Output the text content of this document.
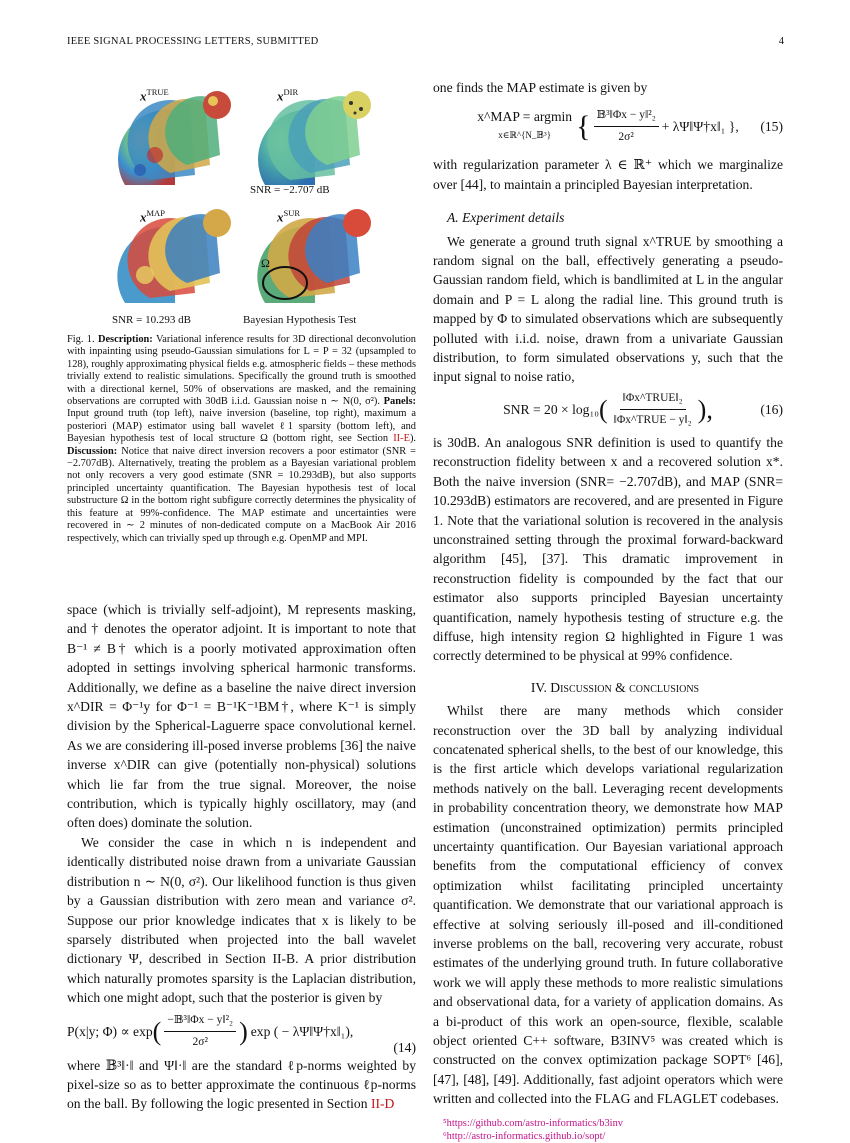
IEEE SIGNAL PROCESSING LETTERS, SUBMITTED	4
$x^{TRUE}$	$x^{DIR}$
SNR = −2.707 dB
$x^{MAP}$
SNR = 10.293 dB
Ω
$x^{SUR}$
Bayesian Hypothesis Test
Fig. 1. Description: Variational inference results for 3D directional deconvolution with inpainting using pseudo-Gaussian simulations for L = P = 32 (upsampled to 128), roughly approximating physical fields e.g. atmospheric fields – these methods trivially extend to realistic simulations. Specifically the ground truth is smoothed with a directional kernel, 50% of observations are masked, and the remaining observations are corrupted with 30dB i.i.d. Gaussian noise n ∼ N(0, σ²). Panels: Input ground truth (top left), naive inversion (baseline, top right), maximum a posteriori (MAP) estimator using ball wavelet ℓ1 sparsity (bottom left), and Bayesian hypothesis test of local structure Ω (bottom right, see Section II-E). Discussion: Notice that naive direct inversion recovers a poor estimator (SNR = −2.707dB). Alternatively, treating the problem as a Bayesian variational problem not only recovers a very good estimate (SNR = 10.293dB), but also supports principled uncertainty quantification. The Bayesian hypothesis test of local substructure Ω in the bottom right subfigure correctly determines the physicality of this feature at 99%-confidence. The MAP estimate and uncertainties were recovered in ∼ 2 minutes of non-dedicated compute on a MacBook Air 2016 respectively, which can trivially sped up through e.g. OpenMP and MPI.

space (which is trivially self-adjoint), M represents masking, and † denotes the operator adjoint. It is important to note that B⁻¹ ≠ B† which is a poorly motivated approximation often adopted in settings involving spherical harmonic transforms. Additionally, we define as a baseline the naive direct inversion x^DIR = Φ⁻¹y for Φ⁻¹ = B⁻¹K⁻¹BM†, where K⁻¹ is simply division by the Spherical-Laguerre space convolutional kernel. As we are considering ill-posed inverse problems [36] the naive inverse x^DIR can give (potentially non-physical) solutions which lie far from the true signal. Moreover, the noise contribution, which is typically highly oscillatory, may (and often does) dominate the solution.

We consider the case in which n is independent and identically distributed noise drawn from a univariate Gaussian distribution n ∼ N(0, σ²). Our likelihood function is thus given by a Gaussian distribution with zero mean and variance σ². Suppose our prior knowledge indicates that x is likely to be sparsely distributed when projected into the ball wavelet dictionary Ψ, described in Section II-B. A prior distribution which naturally promotes sparsity is the Laplacian distribution, which one might adopt, such that the posterior is given by

P(x|y; Φ) ∝ exp ( $\frac{\text{−𝔹³‖Φx − y‖²₂}}{\text{2σ²}}$ ) exp ( − λΨ‖Ψ†x‖₁),
(14)

where 𝔹³‖·‖ and Ψ‖·‖ are the standard ℓp-norms weighted by pixel-size so as to better approximate the continuous ℓp-norms on the ball. By following the logic presented in Section II-D

one finds the MAP estimate is given by

x^MAP = argmin
x∈ℝ^{N_𝔹³} { $\frac{\text{𝔹³‖Φx − y‖²₂}}{\text{2σ²}}$ + λΨ‖Ψ†x‖₁ }, (15)

with regularization parameter λ ∈ ℝ⁺ which we marginalize over [44], to maintain a principled Bayesian interpretation.

A. Experiment details

We generate a ground truth signal x^TRUE by smoothing a random signal on the ball, effectively generating a pseudo-Gaussian random field, which is bandlimited at L in the angular domain and P = L along the radial line. This ground truth is mapped by Φ to simulated observations which are subsequently polluted with i.i.d. noise, drawn from a univariate Gaussian distribution, to form simulated observations y, such that the input signal to noise ratio,

SNR = 20 × log₁₀ ( $\frac{\text{‖Φx\textasciicircum{}TRUE‖₂}}{\text{‖Φx\textasciicircum{}TRUE − y‖₂}}$ ),	(16)

is 30dB. An analogous SNR definition is used to quantify the reconstruction fidelity between x and a recovered solution x*. Both the naive inversion (SNR= −2.707dB), and MAP (SNR= 10.293dB) estimators are recovered, and are presented in Figure 1. Note that the variational solution is recovered in the analysis unconstrained setting through the proximal forward-backward algorithm [45], [37]. This dramatic improvement in reconstruction fidelity is compounded by the fact that our estimator also supports principled Bayesian uncertainty quantification, namely hypothesis testing of structure e.g. the diffuse, high intensity region Ω highlighted in Figure 1 was correctly determined to be physical at 99% confidence.

IV. Discussion & conclusions

Whilst there are many methods which consider reconstruction over the 3D ball by analyzing individual concatenated spherical shells, to the best of our knowledge, this is the first article which develops variational regularization methods natively on the ball. Leveraging recent developments in probability concentration theory, we demonstrate how MAP estimation (unconstrained optimization) permits principled uncertainty quantification. Our Bayesian variational approach benefits from the computational efficiency of convex optimization whilst facilitating principled uncertainty quantification. We demonstrate that our variational approach is effective at solving seriously ill-posed and ill-conditioned inverse problems on the ball, recovering very accurate, robust estimates of the underlying ground truth. In future collaborative work we will apply these methods to more realistic simulations and observational data, for a variety of application domains. As a bi-product of this work an open-source, flexible, scalable object oriented C++ software, B3INV⁵ was created which is constructed on the convex optimization package SOPT⁶ [46], [47], [48], [49]. Additionally, fast adjoint operators which were written and collected into the FLAG and FLAGLET codebases.

⁵https://github.com/astro-informatics/b3inv
⁶http://astro-informatics.github.io/sopt/
